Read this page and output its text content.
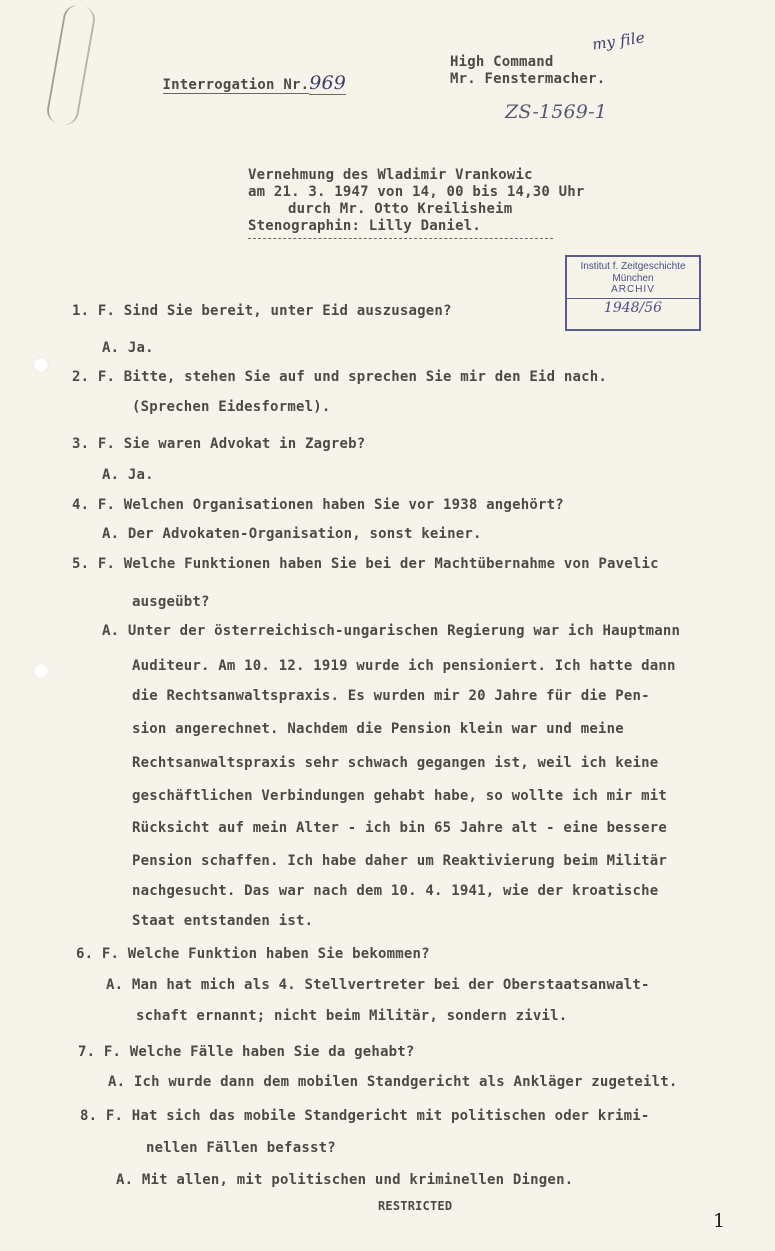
Interrogation Nr.969

High Command
Mr. Fenstermacher.
my file
ZS-1569-1
Vernehmung des Wladimir Vrankowic
am 21. 3. 1947 von 14, 00 bis 14,30 Uhr
durch Mr. Otto Kreilisheim
Stenographin: Lilly Daniel.
Institut f. Zeitgeschichte
München
ARCHIV
1948/56
1. F. Sind Sie bereit, unter Eid auszusagen?
A. Ja.
2. F. Bitte, stehen Sie auf und sprechen Sie mir den Eid nach.
(Sprechen Eidesformel).
3. F. Sie waren Advokat in Zagreb?
A. Ja.
4. F. Welchen Organisationen haben Sie vor 1938 angehört?
A. Der Advokaten-Organisation, sonst keiner.
5. F. Welche Funktionen haben Sie bei der Machtübernahme von Pavelic
ausgeübt?
A. Unter der österreichisch-ungarischen Regierung war ich Hauptmann
Auditeur. Am 10. 12. 1919 wurde ich pensioniert. Ich hatte dann
die Rechtsanwaltspraxis. Es wurden mir 20 Jahre für die Pen-
sion angerechnet. Nachdem die Pension klein war und meine
Rechtsanwaltspraxis sehr schwach gegangen ist, weil ich keine
geschäftlichen Verbindungen gehabt habe, so wollte ich mir mit
Rücksicht auf mein Alter - ich bin 65 Jahre alt - eine bessere
Pension schaffen. Ich habe daher um Reaktivierung beim Militär
nachgesucht. Das war nach dem 10. 4. 1941, wie der kroatische
Staat entstanden ist.
6. F. Welche Funktion haben Sie bekommen?
A. Man hat mich als 4. Stellvertreter bei der Oberstaatsanwalt-
schaft ernannt; nicht beim Militär, sondern zivil.
7. F. Welche Fälle haben Sie da gehabt?
A. Ich wurde dann dem mobilen Standgericht als Ankläger zugeteilt.
8. F. Hat sich das mobile Standgericht mit politischen oder krimi-
nellen Fällen befasst?
A. Mit allen, mit politischen und kriminellen Dingen.
RESTRICTED
1
